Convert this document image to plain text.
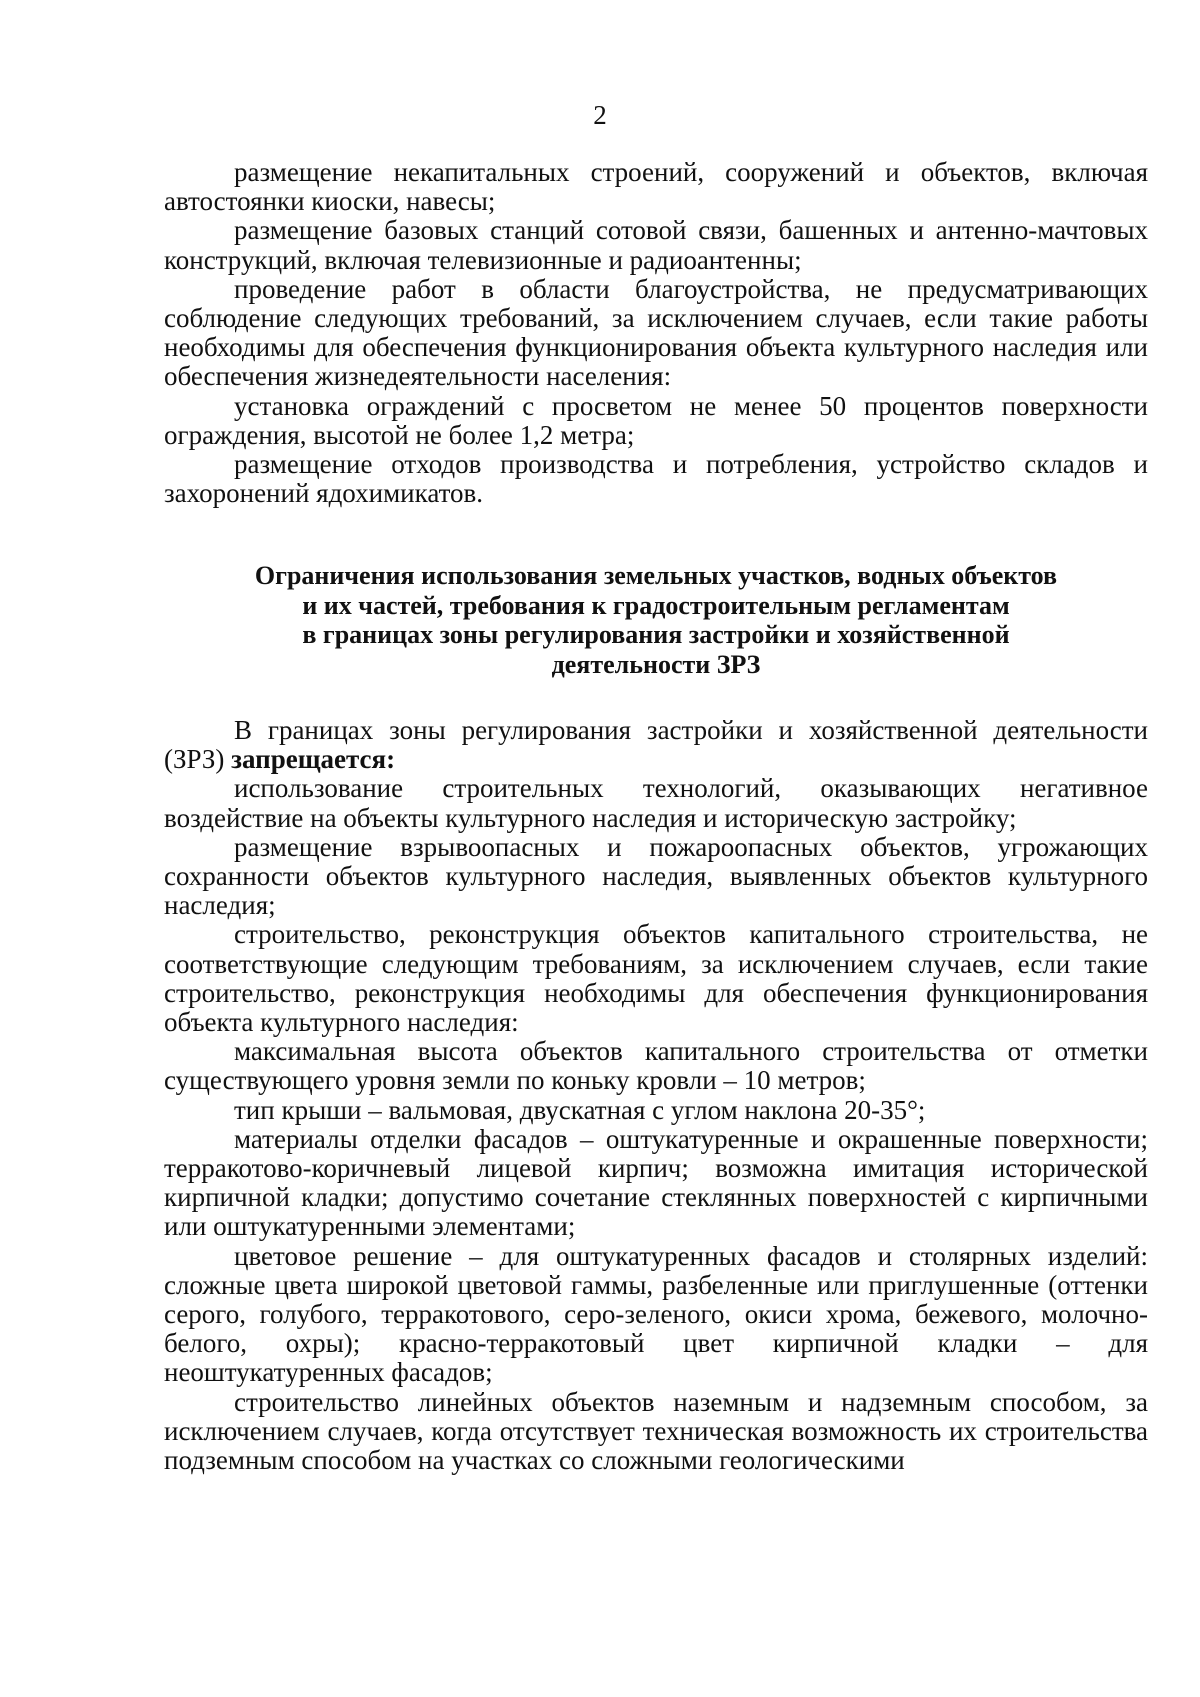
2

размещение некапитальных строений, сооружений и объектов, включая автостоянки киоски, навесы;

размещение базовых станций сотовой связи, башенных и антенно-мачтовых конструкций, включая телевизионные и радиоантенны;

проведение работ в области благоустройства, не предусматривающих соблюдение следующих требований, за исключением случаев, если такие работы необходимы для обеспечения функционирования объекта культурного наследия или обеспечения жизнедеятельности населения:

установка ограждений с просветом не менее 50 процентов поверхности ограждения, высотой не более 1,2 метра;

размещение отходов производства и потребления, устройство складов и захоронений ядохимикатов.

Ограничения использования земельных участков, водных объектов
и их частей, требования к градостроительным регламентам
в границах зоны регулирования застройки и хозяйственной
деятельности ЗРЗ

В границах зоны регулирования застройки и хозяйственной деятельности (ЗРЗ) запрещается:

использование строительных технологий, оказывающих негативное воздействие на объекты культурного наследия и историческую застройку;

размещение взрывоопасных и пожароопасных объектов, угрожающих сохранности объектов культурного наследия, выявленных объектов культурного наследия;

строительство, реконструкция объектов капитального строительства, не соответствующие следующим требованиям, за исключением случаев, если такие строительство, реконструкция необходимы для обеспечения функционирования объекта культурного наследия:

максимальная высота объектов капитального строительства от отметки существующего уровня земли по коньку кровли – 10 метров;

тип крыши – вальмовая, двускатная с углом наклона 20-35°;

материалы отделки фасадов – оштукатуренные и окрашенные поверхности; терракотово-коричневый лицевой кирпич; возможна имитация исторической кирпичной кладки; допустимо сочетание стеклянных поверхностей с кирпичными или оштукатуренными элементами;

цветовое решение – для оштукатуренных фасадов и столярных изделий: сложные цвета широкой цветовой гаммы, разбеленные или приглушенные (оттенки серого, голубого, терракотового, серо-зеленого, окиси хрома, бежевого, молочно-белого, охры); красно-терракотовый цвет кирпичной кладки – для неоштукатуренных фасадов;

строительство линейных объектов наземным и надземным способом, за исключением случаев, когда отсутствует техническая возможность их строительства подземным способом на участках со сложными геологическими
